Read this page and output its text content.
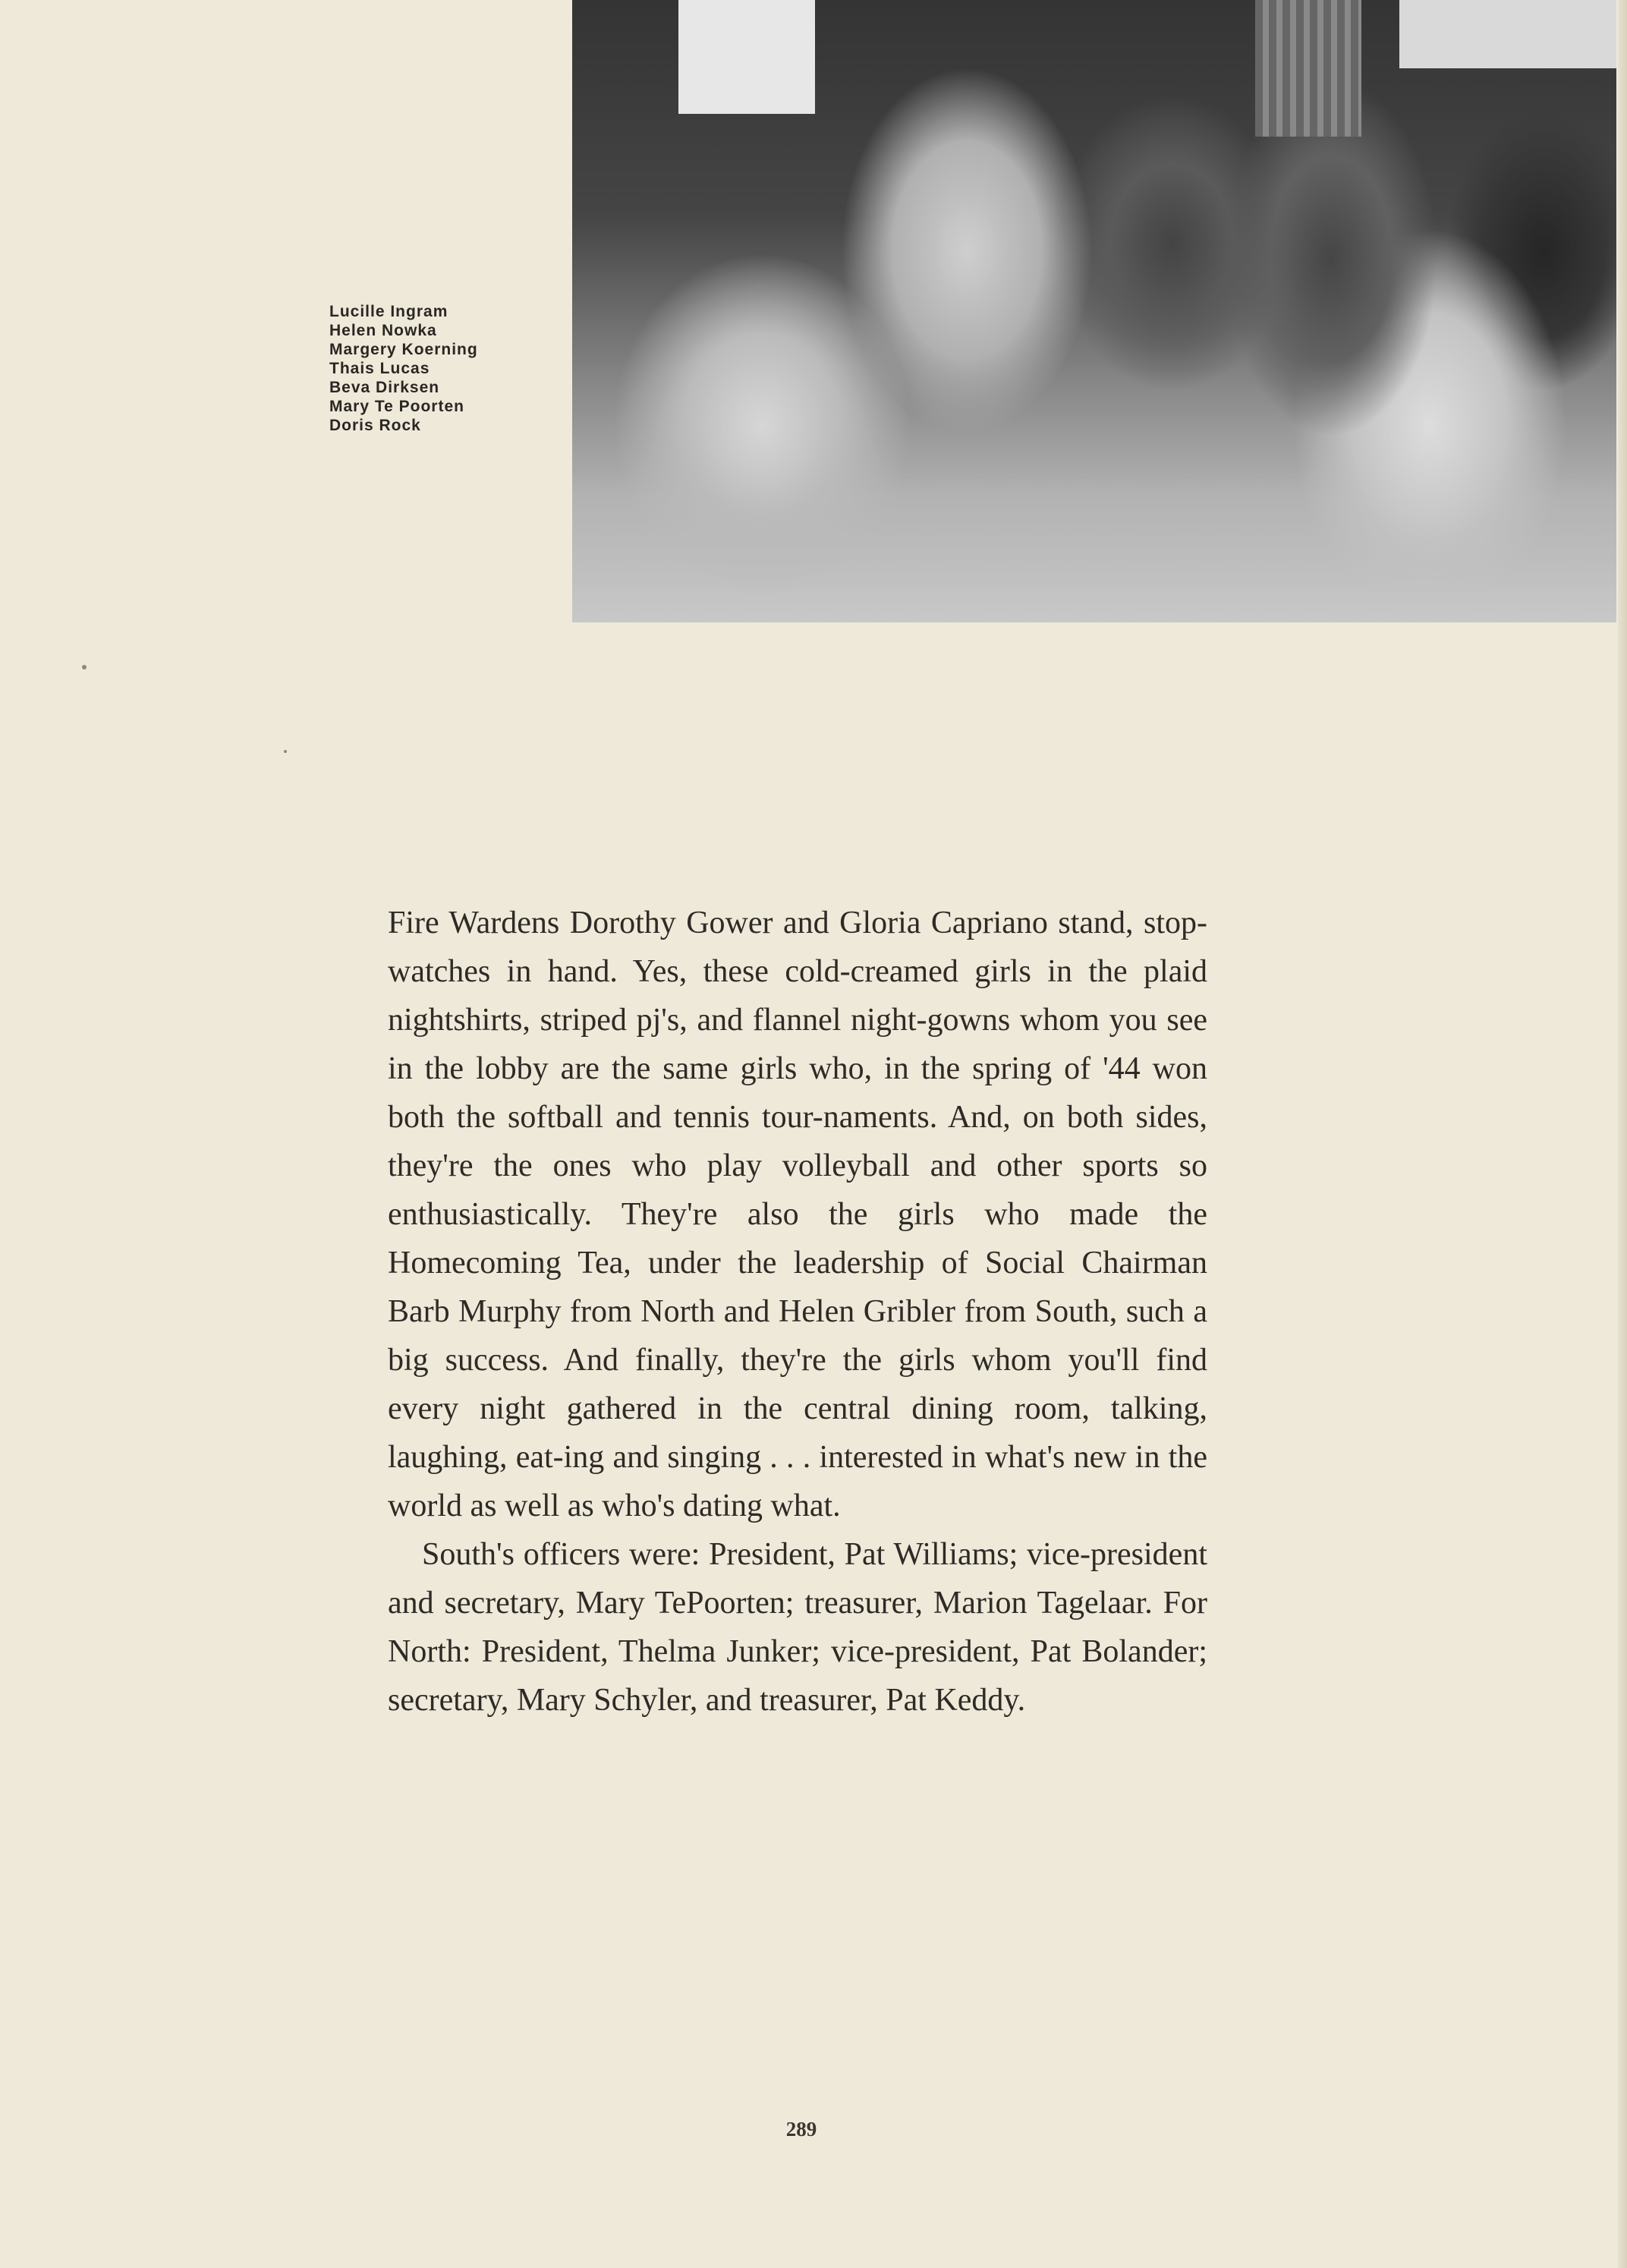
Lucille Ingram
Helen Nowka
Margery Koerning
Thais Lucas
Beva Dirksen
Mary Te Poorten
Doris Rock

Fire Wardens Dorothy Gower and Gloria Capriano stand, stop-watches in hand. Yes, these cold-creamed girls in the plaid nightshirts, striped pj's, and flannel night-gowns whom you see in the lobby are the same girls who, in the spring of '44 won both the softball and tennis tour-naments. And, on both sides, they're the ones who play volleyball and other sports so enthusiastically. They're also the girls who made the Homecoming Tea, under the leadership of Social Chairman Barb Murphy from North and Helen Gribler from South, such a big success. And finally, they're the girls whom you'll find every night gathered in the central dining room, talking, laughing, eat-ing and singing . . . interested in what's new in the world as well as who's dating what.

South's officers were: President, Pat Williams; vice-president and secretary, Mary TePoorten; treasurer, Marion Tagelaar. For North: President, Thelma Junker; vice-president, Pat Bolander; secretary, Mary Schyler, and treasurer, Pat Keddy.

289
